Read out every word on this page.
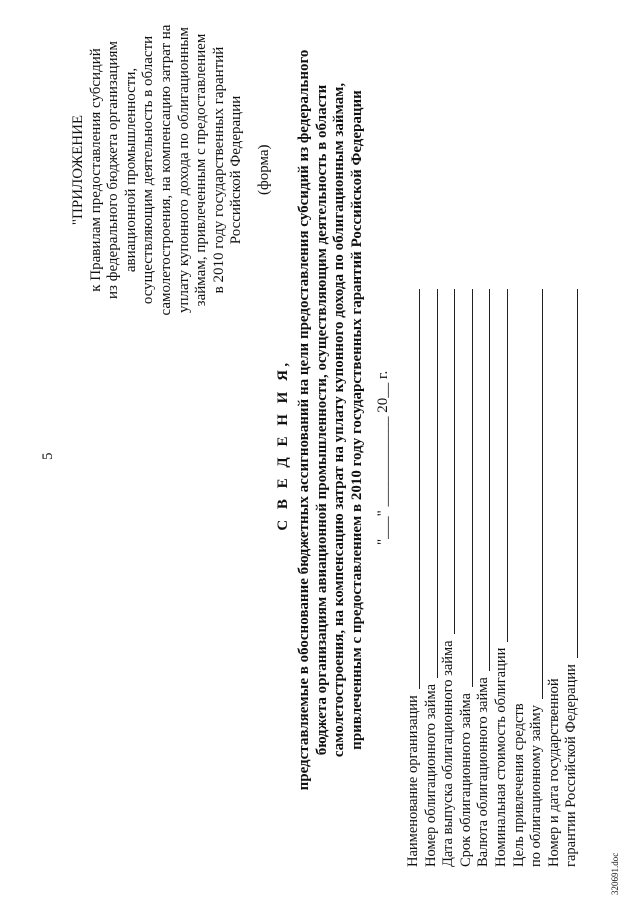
5
"ПРИЛОЖЕНИЕ к Правилам предоставления субсидий из федерального бюджета организациям авиационной промышленности, осуществляющим деятельность в области самолетостроения, на компенсацию затрат на уплату купонного дохода по облигационным займам, привлеченным с предоставлением в 2010 году государственных гарантий Российской Федерации (форма)
С В Е Д Е Н И Я, представляемые в обоснование бюджетных ассигнований на цели предоставления субсидий из федерального бюджета организациям авиационной промышленности, осуществляющим деятельность в области самолетостроения, на компенсацию затрат на уплату купонного дохода по облигационным займам, привлеченным с предоставлением в 2010 году государственных гарантий Российской Федерации "___" ____________ 20__ г.
Наименование организации Номер облигационного займа Дата выпуска облигационного займа Срок облигационного займа Валюта облигационного займа Номинальная стоимость облигации Цель привлечения средств по облигационному займу Номер и дата государственной гарантии Российской Федерации
320691.doc
